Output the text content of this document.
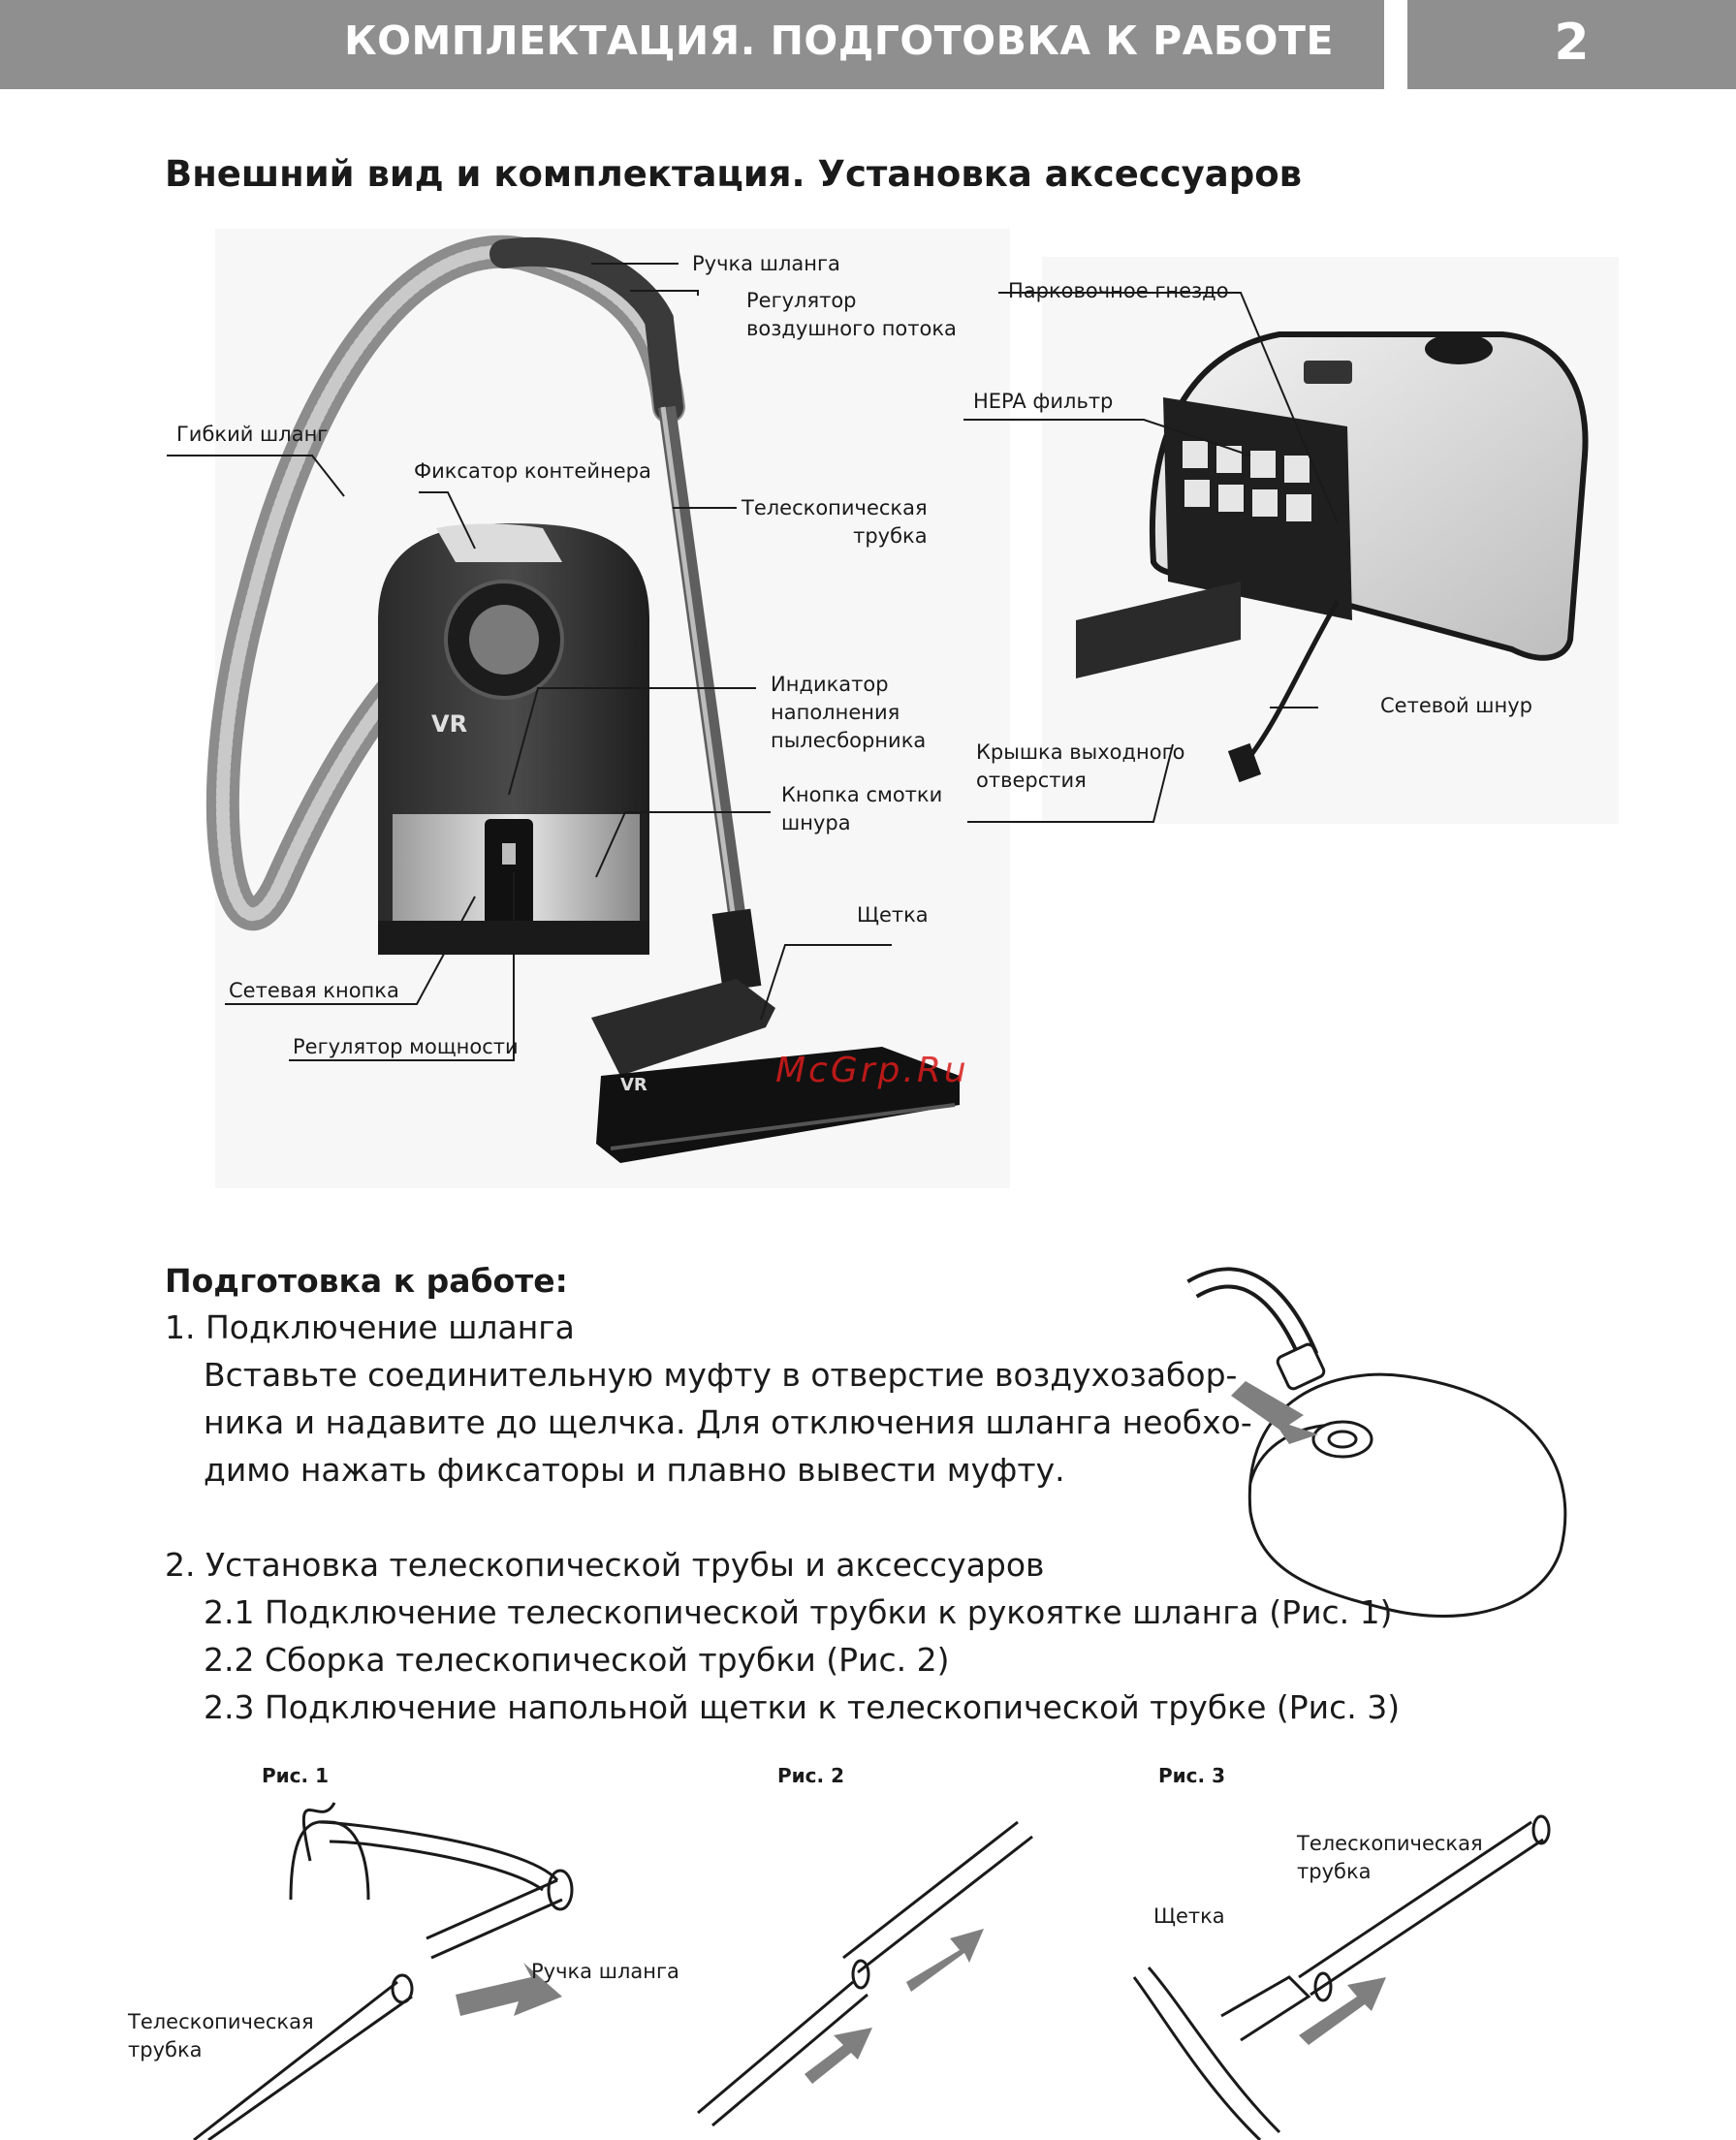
КОМПЛЕКТАЦИЯ. ПОДГОТОВКА К РАБОТЕ	2
Внешний вид и комплектация. Установка аксессуаров
VR
VR
Ручка шланга
Регулятор
воздушного потока
Гибкий шланг
Фиксатор контейнера
Телескопическая
трубка
Индикатор
наполнения
пылесборника
Кнопка смотки
шнура
Щетка
Сетевая кнопка
Регулятор мощности
Парковочное гнездо
HEPA фильтр
Сетевой шнур
Крышка выходного
отверстия
McGrp.Ru
Подготовка к работе:
1. Подключение шланга
Вставьте соединительную муфту в отверстие воздухозабор-
ника и надавите до щелчка. Для отключения шланга необхо-
димо нажать фиксаторы и плавно вывести муфту.
2. Установка телескопической трубы и аксессуаров
2.1 Подключение телескопической трубки к рукоятке шланга (Рис. 1)
2.2 Сборка телескопической трубки (Рис. 2)
2.3 Подключение напольной щетки к телескопической трубке (Рис. 3)
Рис. 1	Рис. 2	Рис. 3
Ручка шланга
Телескопическая
трубка
Телескопическая
трубка
Щетка
